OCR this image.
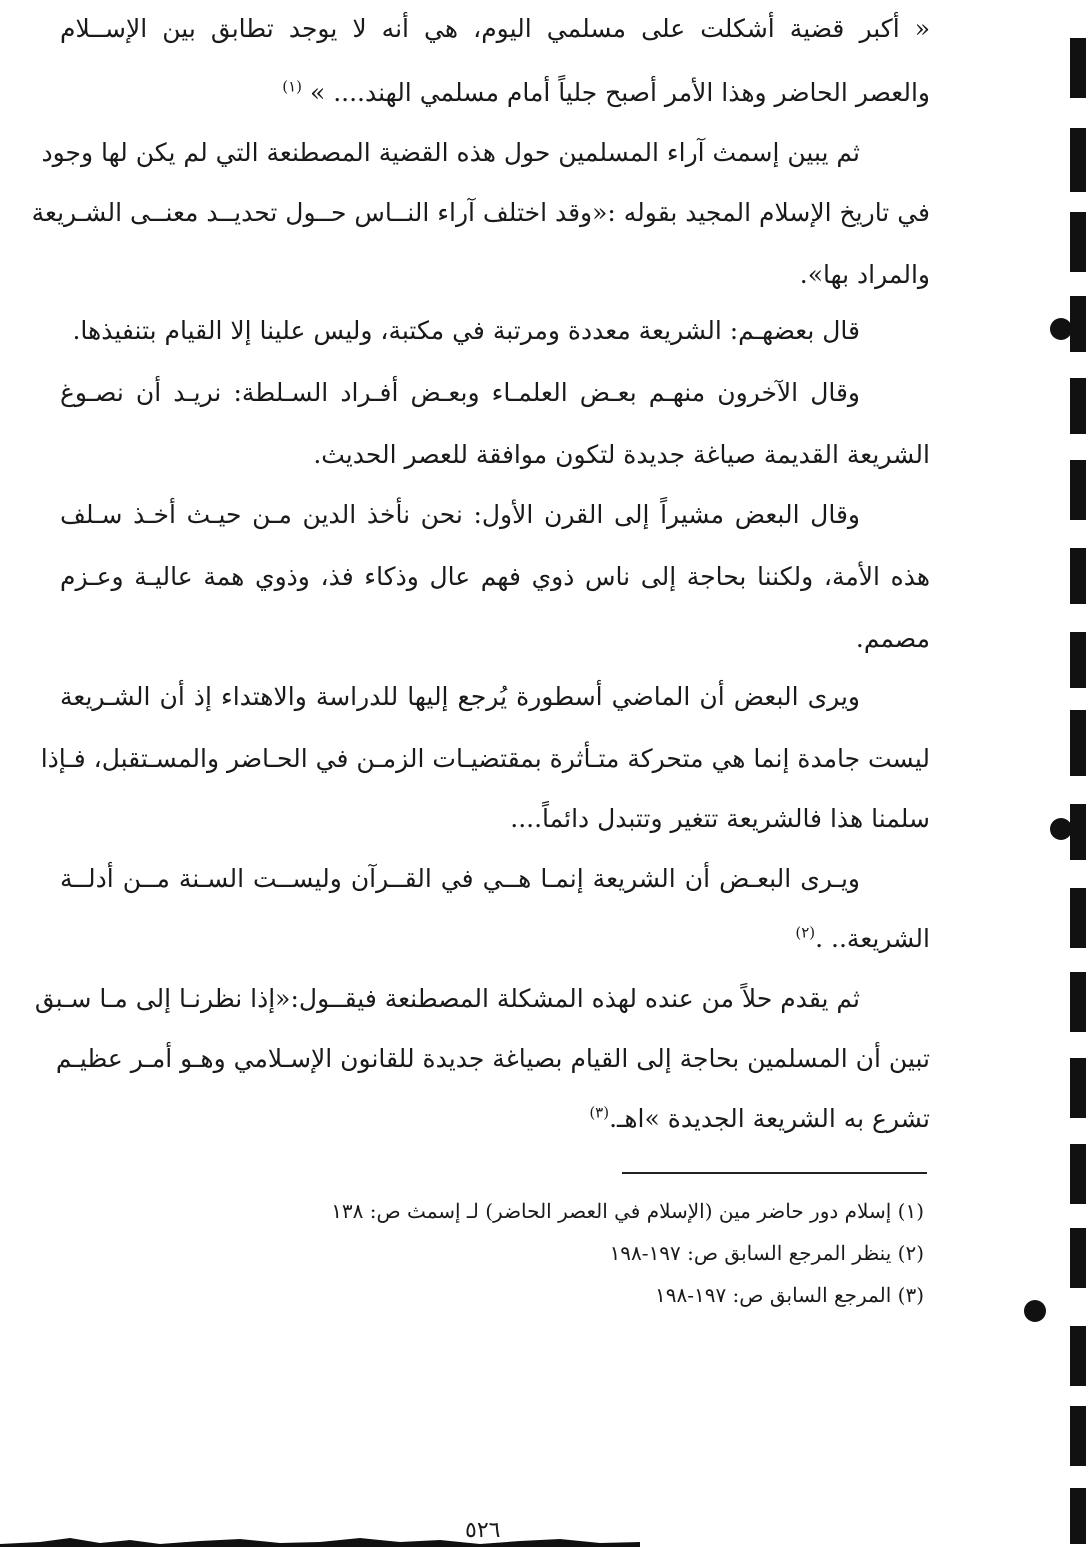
« أكبر قضية أشكلت على مسلمي اليوم، هي أنه لا يوجد تطابق بين الإســلام
والعصر الحاضر وهذا الأمر أصبح جلياً أمام مسلمي الهند.... » $^{(١)}$
ثم يبين إسمث آراء المسلمين حول هذه القضية المصطنعة التي لم يكن لها وجود
في تاريخ الإسلام المجيد بقوله :«وقد اختلف آراء النــاس حــول تحديــد معنــى الشـريعة
والمراد بها».
قال بعضهـم: الشريعة معددة ومرتبة في مكتبة، وليس علينا إلا القيام بتنفيذها.
وقال الآخرون منهـم بعـض العلمـاء وبعـض أفـراد السـلطة: نريـد أن نصـوغ
الشريعة القديمة صياغة جديدة لتكون موافقة للعصر الحديث.
وقال البعض مشيراً إلى القرن الأول: نحن نأخذ الدين مـن حيـث أخـذ سـلف
هذه الأمة، ولكننا بحاجة إلى ناس ذوي فهم عال وذكاء فذ، وذوي همة عاليـة وعـزم
مصمم.
ويرى البعض أن الماضي أسطورة يُرجع إليها للدراسة والاهتداء إذ أن الشـريعة
ليست جامدة إنما هي متحركة متـأثرة بمقتضيـات الزمـن في الحـاضر والمسـتقبل، فـإذا
سلمنا هذا فالشريعة تتغير وتتبدل دائماً....
ويـرى البعـض أن الشريعة إنمـا هــي في القــرآن وليســت السـنة مــن أدلــة
الشريعة.. .$^{(٢)}$
ثم يقدم حلاً من عنده لهذه المشكلة المصطنعة فيقــول:«إذا نظرنـا إلى مـا سـبق
تبين أن المسلمين بحاجة إلى القيام بصياغة جديدة للقانون الإسـلامي وهـو أمـر عظيـم
تشرع به الشريعة الجديدة »اهـ.$^{(٣)}$
(١) إسلام دور حاضر مين (الإسلام في العصر الحاضر) لـ إسمث ص: ١٣٨
(٢) ينظر المرجع السابق ص: ١٩٧-١٩٨
(٣) المرجع السابق ص: ١٩٧-١٩٨
٥٢٦
